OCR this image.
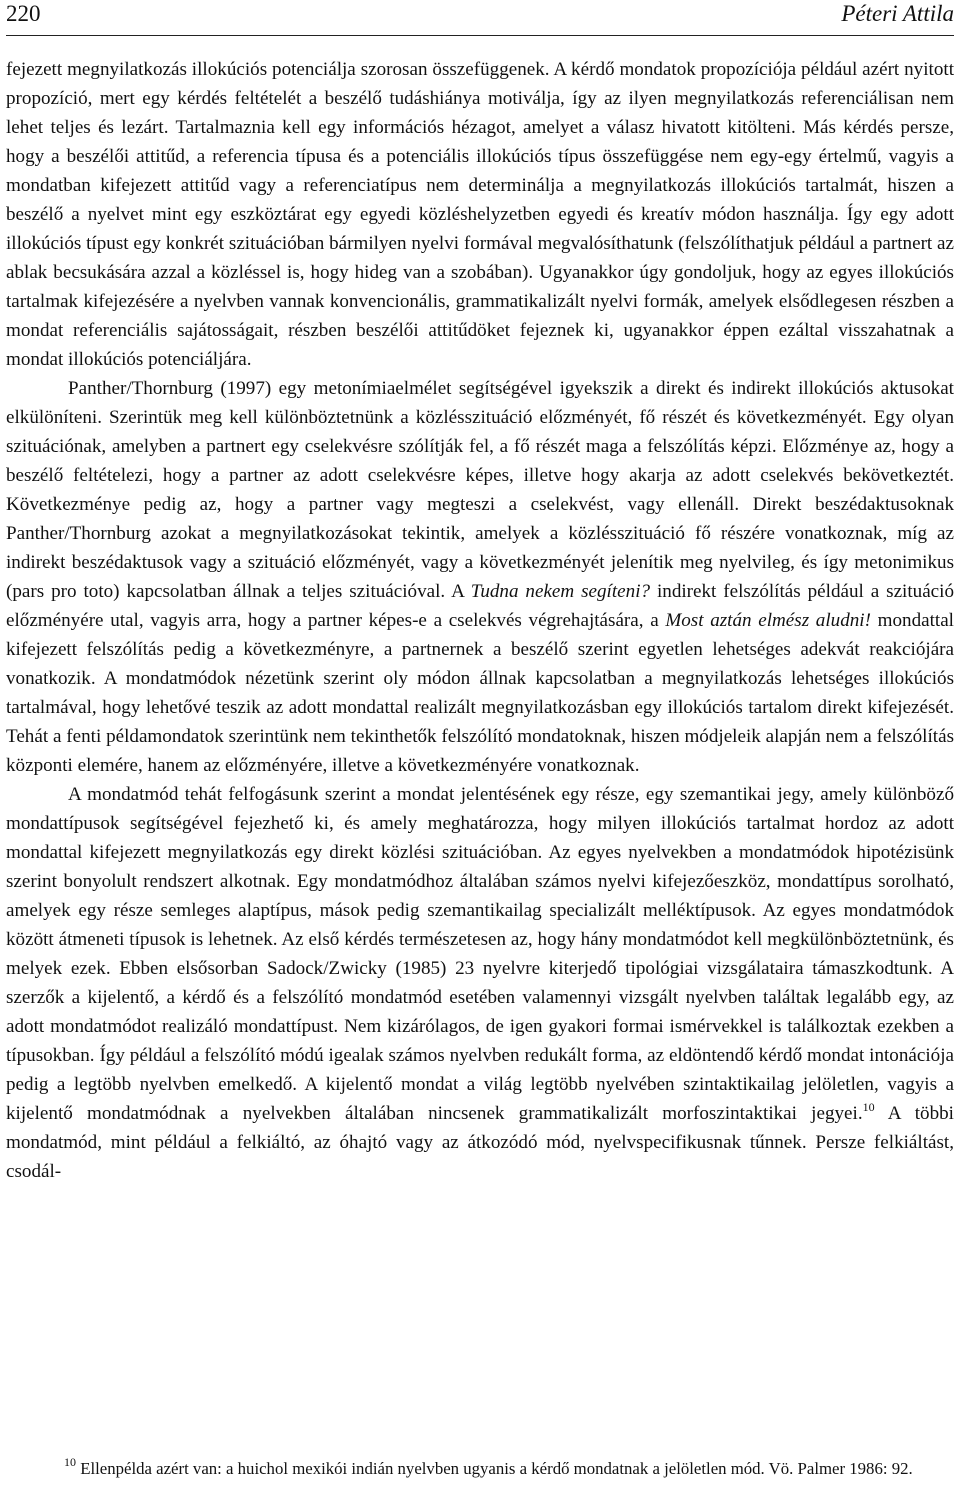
220	Péteri Attila

fejezett megnyilatkozás illokúciós potenciálja szorosan összefüggenek. A kérdő mondatok propozíciója például azért nyitott propozíció, mert egy kérdés feltételét a beszélő tudáshiánya motiválja, így az ilyen megnyilatkozás referenciálisan nem lehet teljes és lezárt. Tartalmaznia kell egy információs hézagot, amelyet a válasz hivatott kitölteni. Más kérdés persze, hogy a beszélői attitűd, a referencia típusa és a potenciális illokúciós típus összefüggése nem egy-egy értelmű, vagyis a mondatban kifejezett attitűd vagy a referenciatípus nem determinálja a megnyilatkozás illokúciós tartalmát, hiszen a beszélő a nyelvet mint egy eszköztárat egy egyedi közléshelyzetben egyedi és kreatív módon használja. Így egy adott illokúciós típust egy konkrét szituációban bármilyen nyelvi formával megvalósíthatunk (felszólíthatjuk például a partnert az ablak becsukására azzal a közléssel is, hogy hideg van a szobában). Ugyanakkor úgy gondoljuk, hogy az egyes illokúciós tartalmak kifejezésére a nyelvben vannak konvencionális, grammatikalizált nyelvi formák, amelyek elsődlegesen részben a mondat referenciális sajátosságait, részben beszélői attitűdöket fejeznek ki, ugyanakkor éppen ezáltal visszahatnak a mondat illokúciós potenciáljára.

Panther/Thornburg (1997) egy metonímiaelmélet segítségével igyekszik a direkt és indirekt illokúciós aktusokat elkülöníteni. Szerintük meg kell különböztetnünk a közlésszituáció előzményét, fő részét és következményét. Egy olyan szituációnak, amelyben a partnert egy cselekvésre szólítják fel, a fő részét maga a felszólítás képzi. Előzménye az, hogy a beszélő feltételezi, hogy a partner az adott cselekvésre képes, illetve hogy akarja az adott cselekvés bekövetkeztét. Következménye pedig az, hogy a partner vagy megteszi a cselekvést, vagy ellenáll. Direkt beszédaktusoknak Panther/Thornburg azokat a megnyilatkozásokat tekintik, amelyek a közlésszituáció fő részére vonatkoznak, míg az indirekt beszédaktusok vagy a szituáció előzményét, vagy a következményét jelenítik meg nyelvileg, és így metonimikus (pars pro toto) kapcsolatban állnak a teljes szituációval. A Tudna nekem segíteni? indirekt felszólítás például a szituáció előzményére utal, vagyis arra, hogy a partner képes-e a cselekvés végrehajtására, a Most aztán elmész aludni! mondattal kifejezett felszólítás pedig a következményre, a partnernek a beszélő szerint egyetlen lehetséges adekvát reakciójára vonatkozik. A mondatmódok nézetünk szerint oly módon állnak kapcsolatban a megnyilatkozás lehetséges illokúciós tartalmával, hogy lehetővé teszik az adott mondattal realizált megnyilatkozásban egy illokúciós tartalom direkt kifejezését. Tehát a fenti példamondatok szerintünk nem tekinthetők felszólító mondatoknak, hiszen módjeleik alapján nem a felszólítás központi elemére, hanem az előzményére, illetve a következményére vonatkoznak.

A mondatmód tehát felfogásunk szerint a mondat jelentésének egy része, egy szemantikai jegy, amely különböző mondattípusok segítségével fejezhető ki, és amely meghatározza, hogy milyen illokúciós tartalmat hordoz az adott mondattal kifejezett megnyilatkozás egy direkt közlési szituációban. Az egyes nyelvekben a mondatmódok hipotézisünk szerint bonyolult rendszert alkotnak. Egy mondatmódhoz általában számos nyelvi kifejezőeszköz, mondattípus sorolható, amelyek egy része semleges alaptípus, mások pedig szemantikailag specializált melléktípusok. Az egyes mondatmódok között átmeneti típusok is lehetnek. Az első kérdés természetesen az, hogy hány mondatmódot kell megkülönböztetnünk, és melyek ezek. Ebben elsősorban Sadock/Zwicky (1985) 23 nyelvre kiterjedő tipológiai vizsgálataira támaszkodtunk. A szerzők a kijelentő, a kérdő és a felszólító mondatmód esetében valamennyi vizsgált nyelvben találtak legalább egy, az adott mondatmódot realizáló mondattípust. Nem kizárólagos, de igen gyakori formai ismérvekkel is találkoztak ezekben a típusokban. Így például a felszólító módú igealak számos nyelvben redukált forma, az eldöntendő kérdő mondat intonációja pedig a legtöbb nyelvben emelkedő. A kijelentő mondat a világ legtöbb nyelvében szintaktikailag jelöletlen, vagyis a kijelentő mondatmódnak a nyelvekben általában nincsenek grammatikalizált morfoszintaktikai jegyei.$^{10}$ A többi mondatmód, mint például a felkiáltó, az óhajtó vagy az átkozódó mód, nyelvspecifikusnak tűnnek. Persze felkiáltást, csodál-

$^{10}$ Ellenpélda azért van: a huichol mexikói indián nyelvben ugyanis a kérdő mondatnak a jelöletlen mód. Vö. Palmer 1986: 92.
